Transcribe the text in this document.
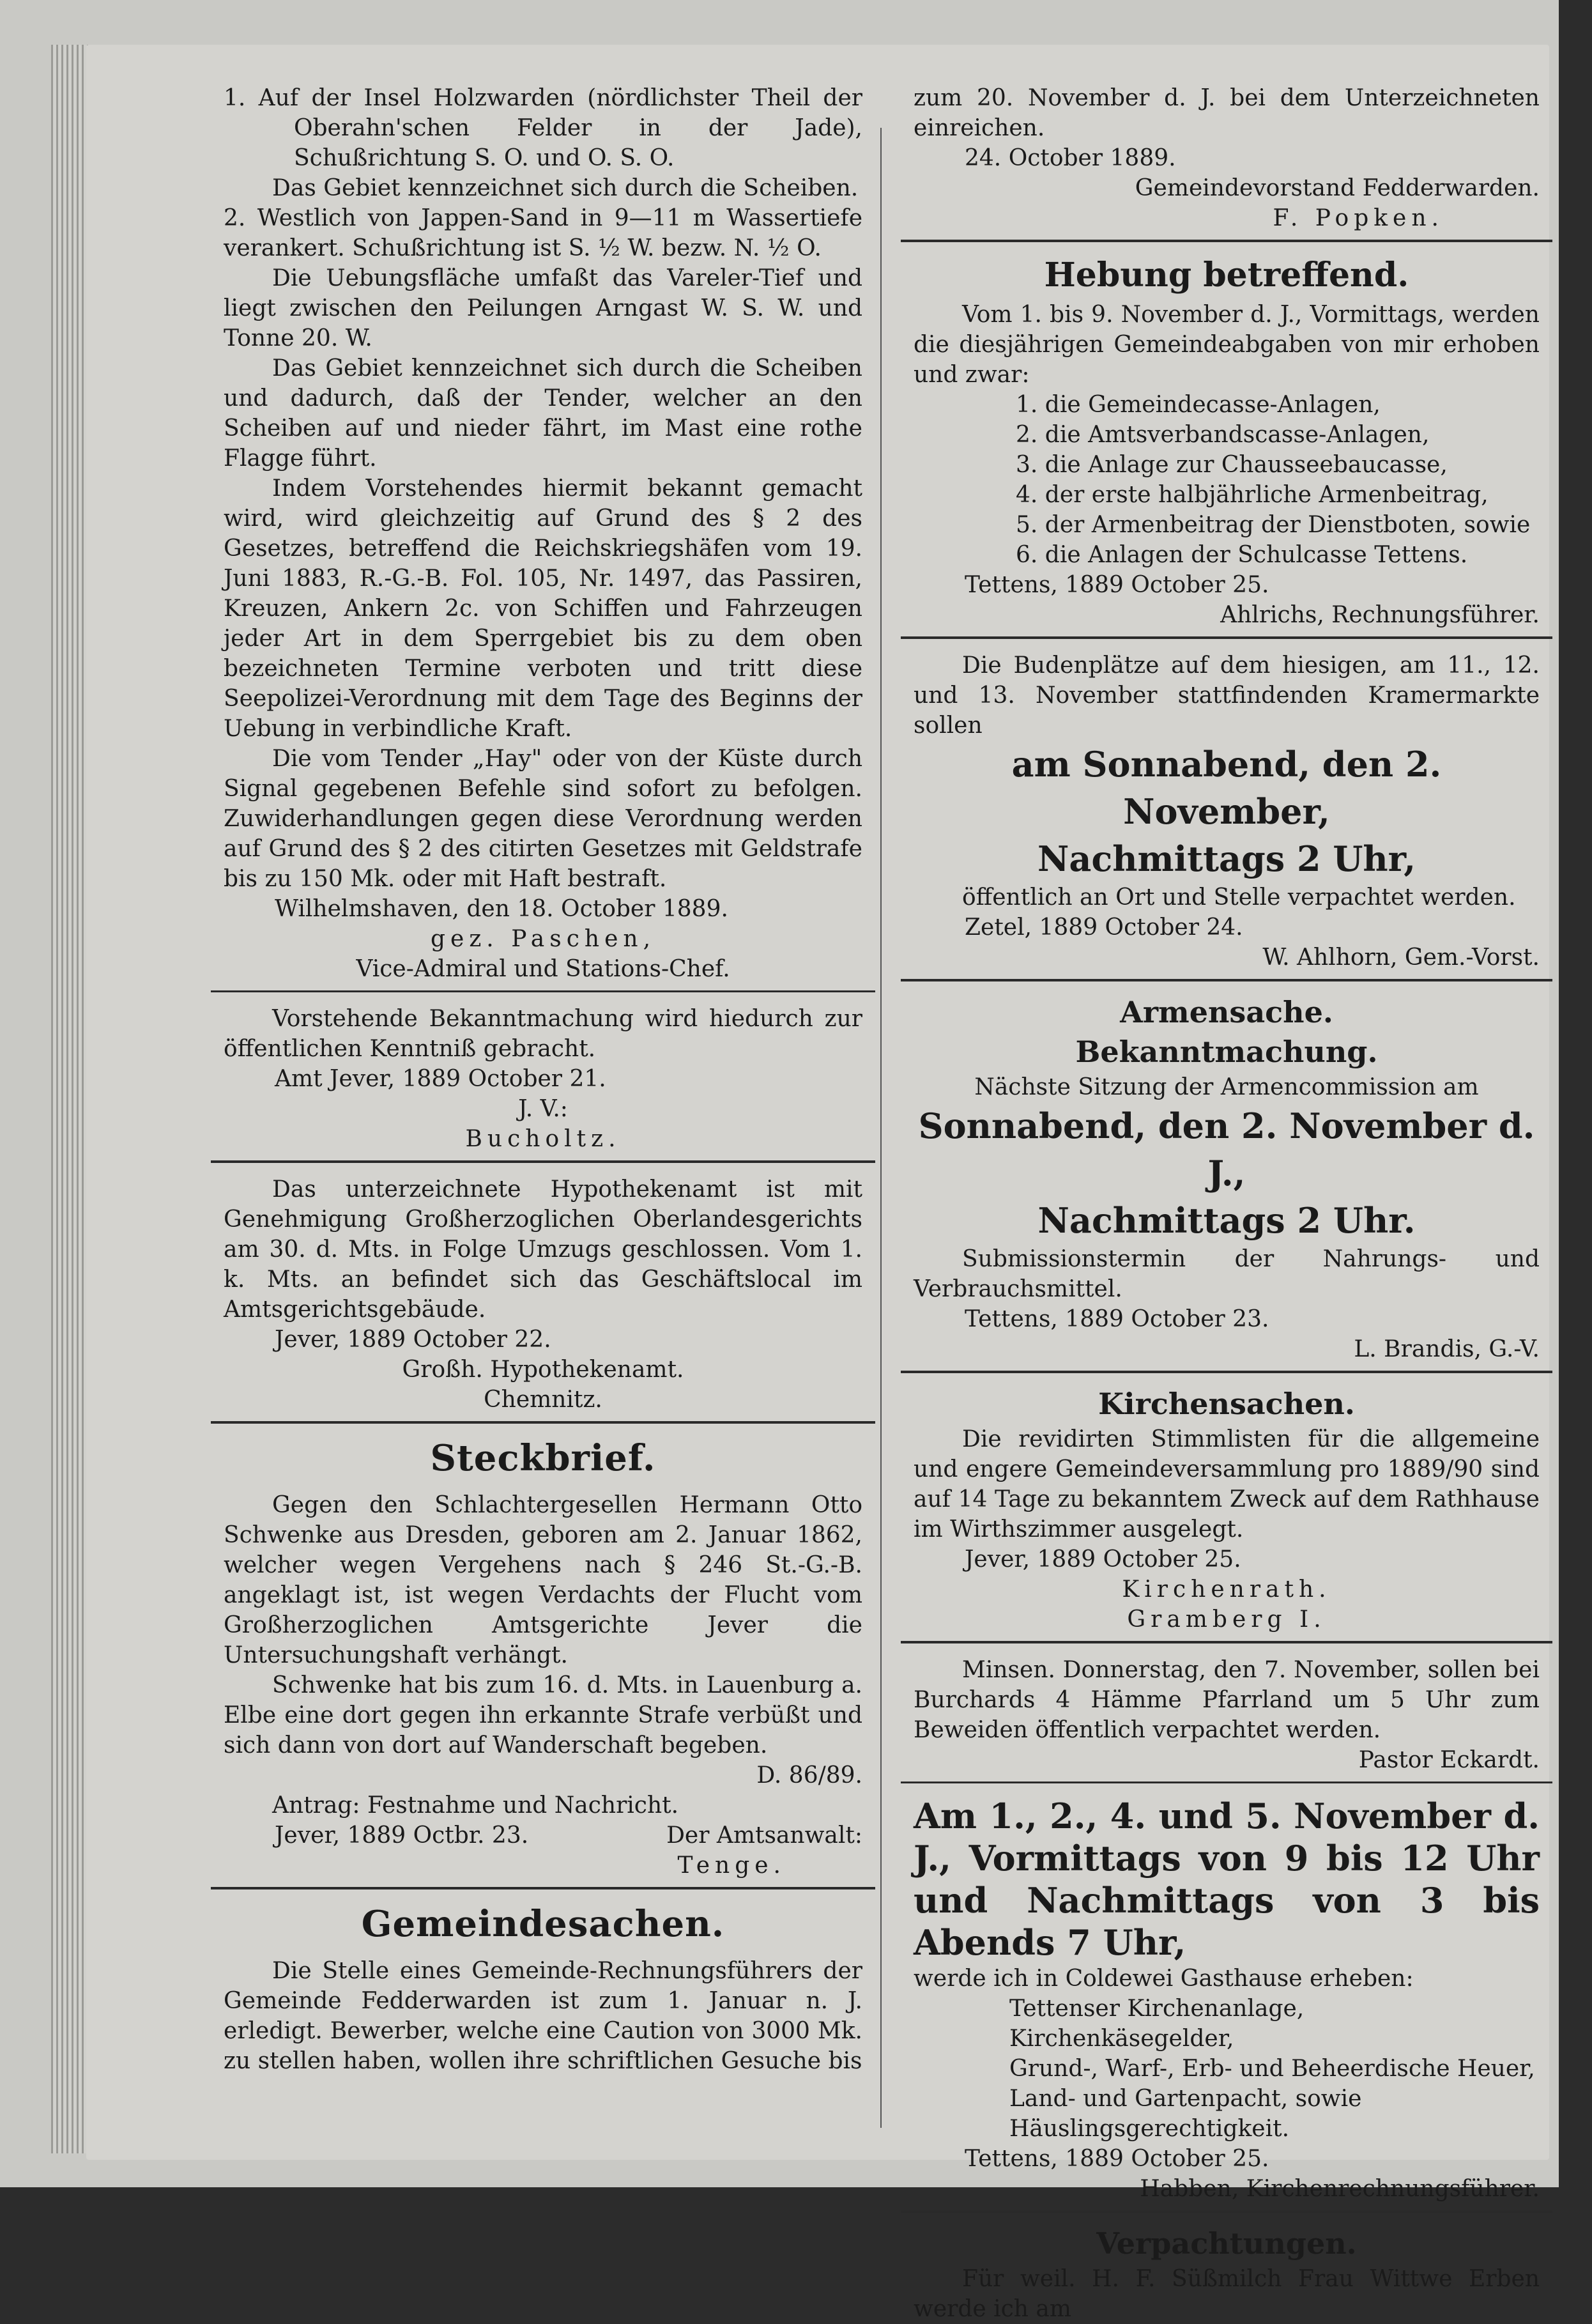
1. Auf der Insel Holzwarden (nördlichster Theil der Oberahn'schen Felder in der Jade), Schußrichtung S. O. und O. S. O.

Das Gebiet kennzeichnet sich durch die Scheiben.

2. Westlich von Jappen-Sand in 9—11 m Wassertiefe verankert. Schußrichtung ist S. ½ W. bezw. N. ½ O.

Die Uebungsfläche umfaßt das Vareler-Tief und liegt zwischen den Peilungen Arngast W. S. W. und Tonne 20. W.

Das Gebiet kennzeichnet sich durch die Scheiben und dadurch, daß der Tender, welcher an den Scheiben auf und nieder fährt, im Mast eine rothe Flagge führt.

Indem Vorstehendes hiermit bekannt gemacht wird, wird gleichzeitig auf Grund des § 2 des Gesetzes, betreffend die Reichskriegshäfen vom 19. Juni 1883, R.-G.-B. Fol. 105, Nr. 1497, das Passiren, Kreuzen, Ankern 2c. von Schiffen und Fahrzeugen jeder Art in dem Sperrgebiet bis zu dem oben bezeichneten Termine verboten und tritt diese Seepolizei-Verordnung mit dem Tage des Beginns der Uebung in verbindliche Kraft.

Die vom Tender „Hay" oder von der Küste durch Signal gegebenen Befehle sind sofort zu befolgen. Zuwiderhandlungen gegen diese Verordnung werden auf Grund des § 2 des citirten Gesetzes mit Geldstrafe bis zu 150 Mk. oder mit Haft bestraft.

Wilhelmshaven, den 18. October 1889.

gez. Paschen,

Vice-Admiral und Stations-Chef.

Vorstehende Bekanntmachung wird hiedurch zur öffentlichen Kenntniß gebracht.

Amt Jever, 1889 October 21.

J. V.:

Bucholtz.

Das unterzeichnete Hypothekenamt ist mit Genehmigung Großherzoglichen Oberlandesgerichts am 30. d. Mts. in Folge Umzugs geschlossen. Vom 1. k. Mts. an befindet sich das Geschäftslocal im Amtsgerichtsgebäude.

Jever, 1889 October 22.

Großh. Hypothekenamt.

Chemnitz.

Steckbrief.

Gegen den Schlachtergesellen Hermann Otto Schwenke aus Dresden, geboren am 2. Januar 1862, welcher wegen Vergehens nach § 246 St.-G.-B. angeklagt ist, ist wegen Verdachts der Flucht vom Großherzoglichen Amtsgerichte Jever die Untersuchungshaft verhängt.

Schwenke hat bis zum 16. d. Mts. in Lauenburg a. Elbe eine dort gegen ihn erkannte Strafe verbüßt und sich dann von dort auf Wanderschaft begeben.

D. 86/89.

Antrag: Festnahme und Nachricht.

Jever, 1889 Octbr. 23.	Der Amtsanwalt:

Tenge.

Gemeindesachen.

Die Stelle eines Gemeinde-Rechnungsführers der Gemeinde Fedderwarden ist zum 1. Januar n. J. erledigt. Bewerber, welche eine Caution von 3000 Mk. zu stellen haben, wollen ihre schriftlichen Gesuche bis

zum 20. November d. J. bei dem Unterzeichneten einreichen.

24. October 1889.

Gemeindevorstand Fedderwarden.

F. Popken.

Hebung betreffend.

Vom 1. bis 9. November d. J., Vormittags, werden die diesjährigen Gemeindeabgaben von mir erhoben und zwar:

1. die Gemeindecasse-Anlagen,

2. die Amtsverbandscasse-Anlagen,

3. die Anlage zur Chausseebaucasse,

4. der erste halbjährliche Armenbeitrag,

5. der Armenbeitrag der Dienstboten, sowie

6. die Anlagen der Schulcasse Tettens.

Tettens, 1889 October 25.

Ahlrichs, Rechnungsführer.

Die Budenplätze auf dem hiesigen, am 11., 12. und 13. November stattfindenden Kramermarkte sollen

am Sonnabend, den 2. November,
Nachmittags 2 Uhr,

öffentlich an Ort und Stelle verpachtet werden.

Zetel, 1889 October 24.

W. Ahlhorn, Gem.-Vorst.

Armensache.
Bekanntmachung.

Nächste Sitzung der Armencommission am

Sonnabend, den 2. November d. J.,
Nachmittags 2 Uhr.

Submissionstermin der Nahrungs- und Verbrauchsmittel.

Tettens, 1889 October 23.

L. Brandis, G.-V.

Kirchensachen.

Die revidirten Stimmlisten für die allgemeine und engere Gemeindeversammlung pro 1889/90 sind auf 14 Tage zu bekanntem Zweck auf dem Rathhause im Wirthszimmer ausgelegt.

Jever, 1889 October 25.

Kirchenrath.

Gramberg I.

Minsen. Donnerstag, den 7. November, sollen bei Burchards 4 Hämme Pfarrland um 5 Uhr zum Beweiden öffentlich verpachtet werden.

Pastor Eckardt.

Am 1., 2., 4. und 5. November d. J., Vormittags von 9 bis 12 Uhr und Nachmittags von 3 bis Abends 7 Uhr,

werde ich in Coldewei Gasthause erheben:

Tettenser Kirchenanlage,

Kirchenkäsegelder,

Grund-, Warf-, Erb- und Beheerdische Heuer,

Land- und Gartenpacht, sowie

Häuslingsgerechtigkeit.

Tettens, 1889 October 25.

Habben, Kirchenrechnungsführer.

Verpachtungen.

Für weil. H. F. Süßmilch Frau Wittwe Erben werde ich am
